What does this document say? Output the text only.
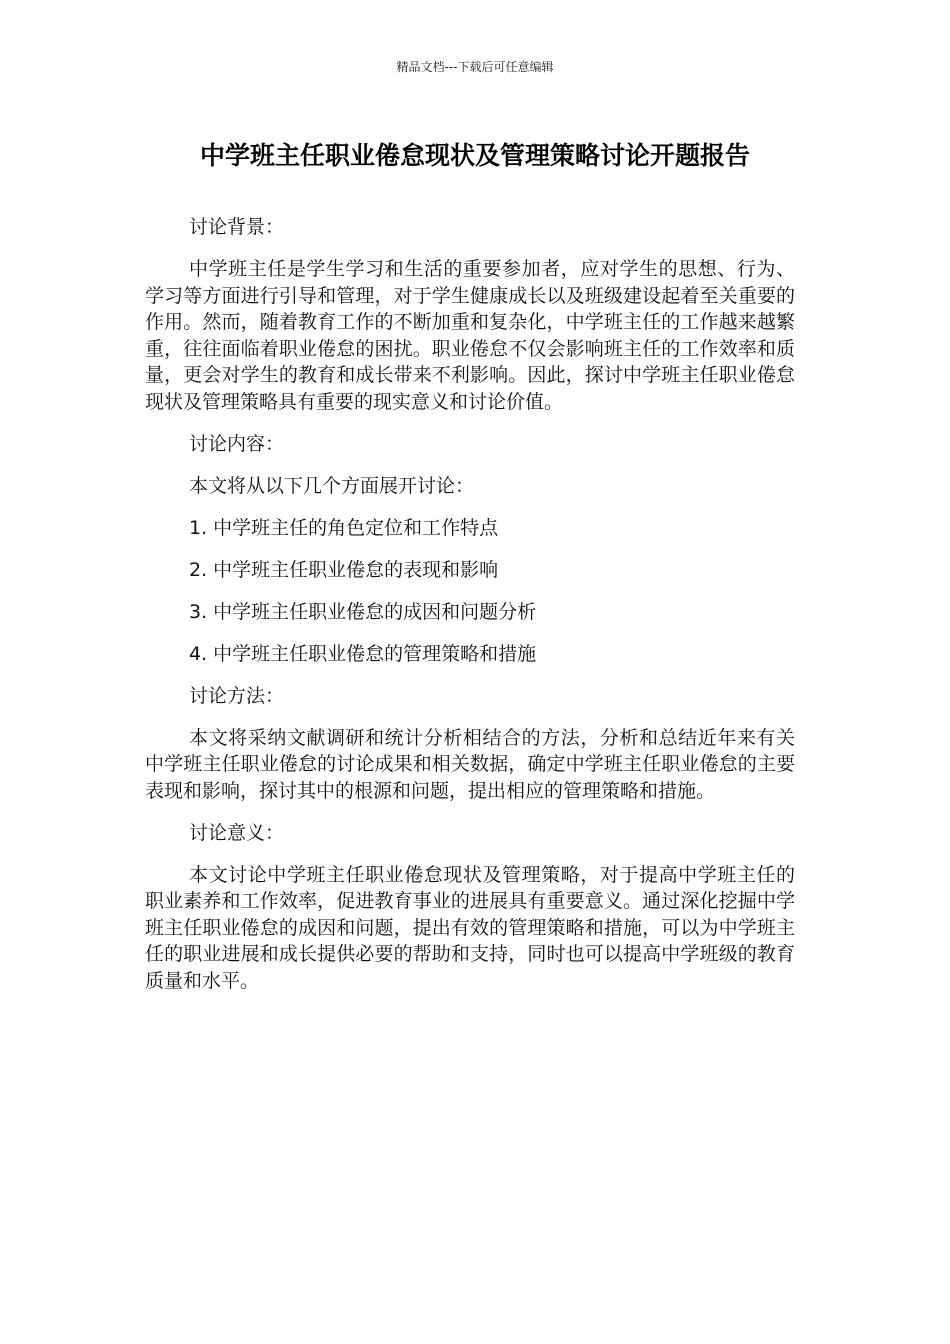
精品文档---下载后可任意编辑
中学班主任职业倦怠现状及管理策略讨论开题报告

讨论背景：

中学班主任是学生学习和生活的重要参加者，应对学生的思想、行为、学习等方面进行引导和管理，对于学生健康成长以及班级建设起着至关重要的作用。然而，随着教育工作的不断加重和复杂化，中学班主任的工作越来越繁重，往往面临着职业倦怠的困扰。职业倦怠不仅会影响班主任的工作效率和质量，更会对学生的教育和成长带来不利影响。因此，探讨中学班主任职业倦怠现状及管理策略具有重要的现实意义和讨论价值。

讨论内容：

本文将从以下几个方面展开讨论：

1. 中学班主任的角色定位和工作特点

2. 中学班主任职业倦怠的表现和影响

3. 中学班主任职业倦怠的成因和问题分析

4. 中学班主任职业倦怠的管理策略和措施

讨论方法：

本文将采纳文献调研和统计分析相结合的方法，分析和总结近年来有关中学班主任职业倦怠的讨论成果和相关数据，确定中学班主任职业倦怠的主要表现和影响，探讨其中的根源和问题，提出相应的管理策略和措施。

讨论意义：

本文讨论中学班主任职业倦怠现状及管理策略，对于提高中学班主任的职业素养和工作效率，促进教育事业的进展具有重要意义。通过深化挖掘中学班主任职业倦怠的成因和问题，提出有效的管理策略和措施，可以为中学班主任的职业进展和成长提供必要的帮助和支持，同时也可以提高中学班级的教育质量和水平。
